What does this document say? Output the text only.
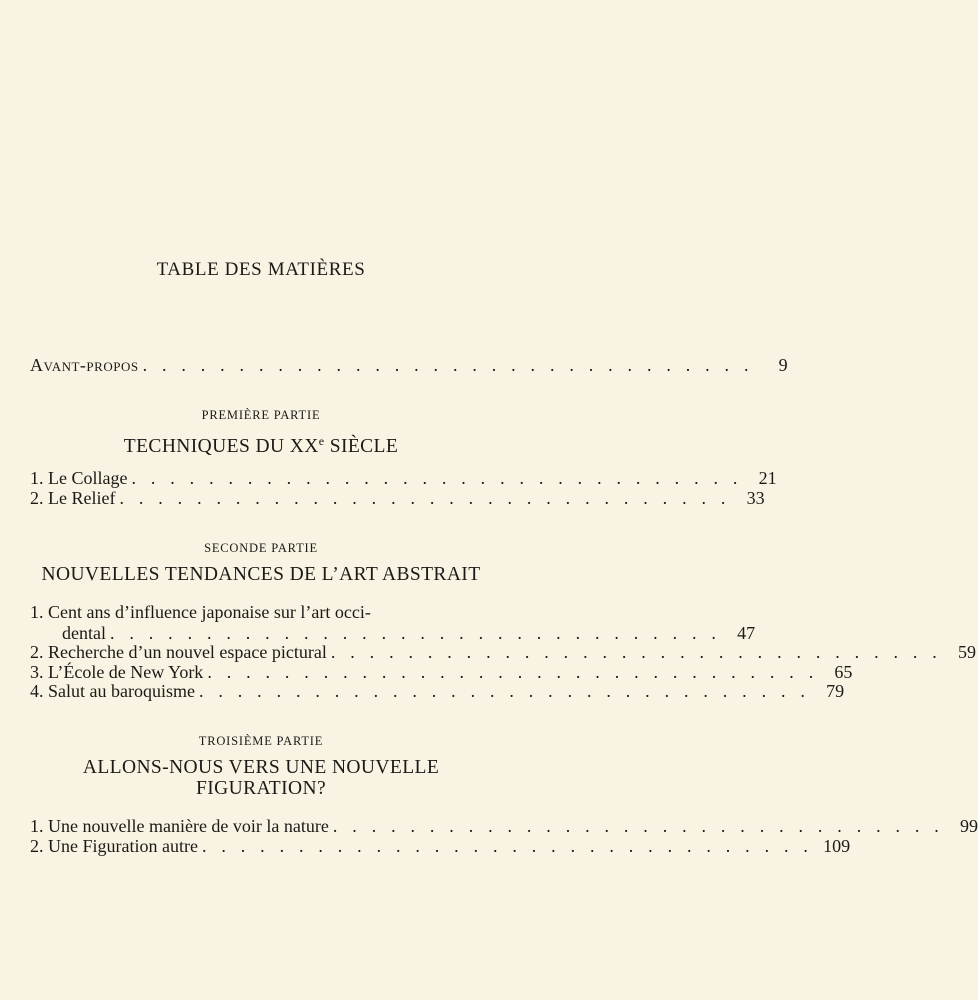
TABLE DES MATIÈRES
Avant-propos . . . . . . . . . . . . . . . . . . . . . . . . . . . . . . . .	9
PREMIÈRE PARTIE
TECHNIQUES DU XXe SIÈCLE
1. Le Collage . . . . . . . . . . . . . . . . . . . . . . . . . . . . . . . . 21
2. Le Relief . . . . . . . . . . . . . . . . . . . . . . . . . . . . . . . . 33
SECONDE PARTIE
NOUVELLES TENDANCES DE L’ART ABSTRAIT
1. Cent ans d’influence japonaise sur l’art occi-
dental . . . . . . . . . . . . . . . . . . . . . . . . . . . . . . . . 47
2. Recherche d’un nouvel espace pictural . . . . . . . . . . . . . . . . . . . . . . . . . . . . . . . . 59
3. L’École de New York . . . . . . . . . . . . . . . . . . . . . . . . . . . . . . . . 65
4. Salut au baroquisme . . . . . . . . . . . . . . . . . . . . . . . . . . . . . . . . 79
TROISIÈME PARTIE
ALLONS-NOUS VERS UNE NOUVELLE
FIGURATION?
1. Une nouvelle manière de voir la nature . . . . . . . . . . . . . . . . . . . . . . . . . . . . . . . . 99
2. Une Figuration autre . . . . . . . . . . . . . . . . . . . . . . . . . . . . . . . . 109
